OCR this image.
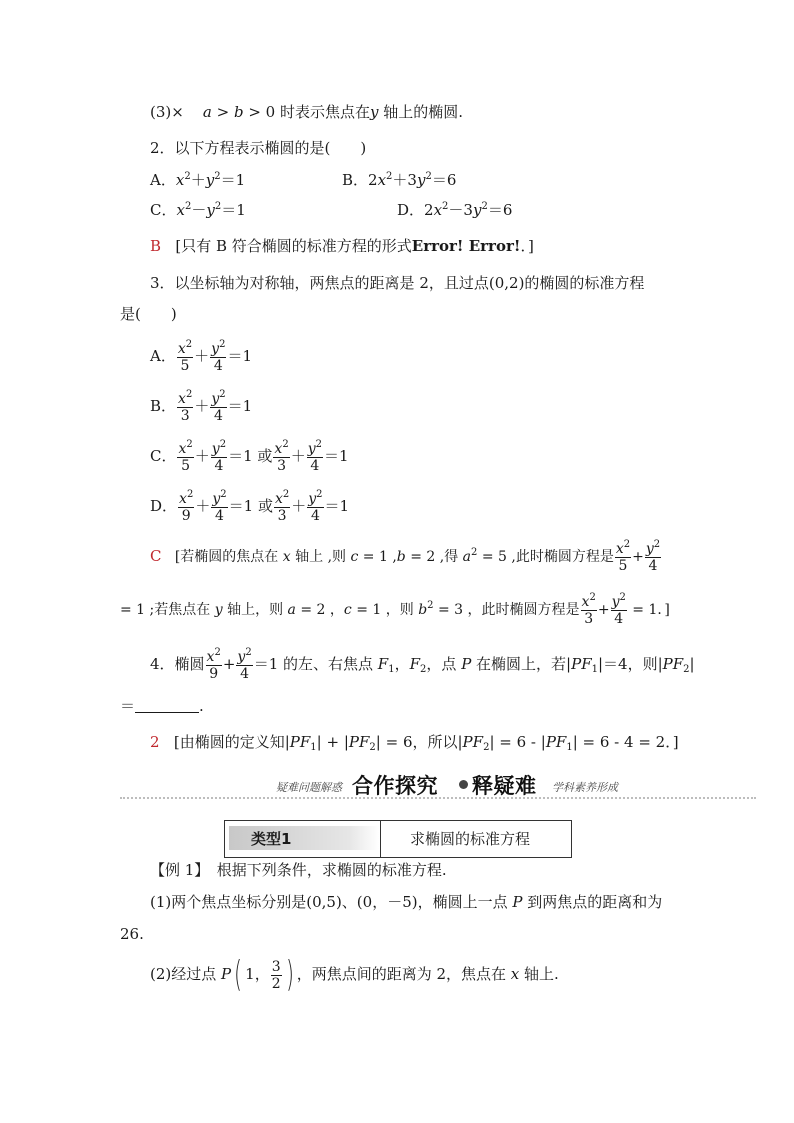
(3)× a > b > 0 时表示焦点在y 轴上的椭圆.
2．以下方程表示椭圆的是(　　)
A．$x^2+y^2=1$	B．$2x^2+3y^2=6$
C．$x^2-y^2=1$	D．$2x^2-3y^2=6$
B [只有 B 符合椭圆的标准方程的形式Error! Error!．]
3．以坐标轴为对称轴，两焦点的距离是 2，且过点(0,2)的椭圆的标准方程
是(　　)
A． $\frac{x^2}{5} + \frac{y^2}{4} =1$
B． $\frac{x^2}{3} + \frac{y^2}{4} =1$
C． $\frac{x^2}{5} + \frac{y^2}{4} =1$ 或 $\frac{x^2}{3} + \frac{y^2}{4} =1$
D． $\frac{x^2}{9} + \frac{y^2}{4} =1$ 或 $\frac{x^2}{3} + \frac{y^2}{4} =1$
C [若椭圆的焦点在 x 轴上 ,则 c = 1 ,b = 2 ,得 $a^2 = 5$ ,此时椭圆方程是 $\frac{x^2}{5} + \frac{y^2}{4}$
= 1 ;若焦点在 y 轴上，则 a = 2 ，c = 1 ，则 $b^2 = 3$ ，此时椭圆方程是 $\frac{x^2}{3} + \frac{y^2}{4} = 1$．]
4．椭圆 $\frac{x^2}{9} + \frac{y^2}{4} =1$ 的左、右焦点 $F_1$，$F_2$，点 P 在椭圆上，若$|PF_1|=4$，则$|PF_2|$
＝	.
2 [由椭圆的定义知$|PF_1| + |PF_2| = 6$，所以$|PF_2| = 6 - |PF_1| = 6 - 4 = 2$．]
疑难问题解惑 合作探究 释疑难 学科素养形成
类型1	求椭圆的标准方程
【例 1】　根据下列条件，求椭圆的标准方程.
(1)两个焦点坐标分别是(0,5)、(0，－5)，椭圆上一点 P 到两焦点的距离和为
26.
(2)经过点 P( 1， $\frac{3}{2}$ ) ，两焦点间的距离为 2，焦点在 x 轴上.
